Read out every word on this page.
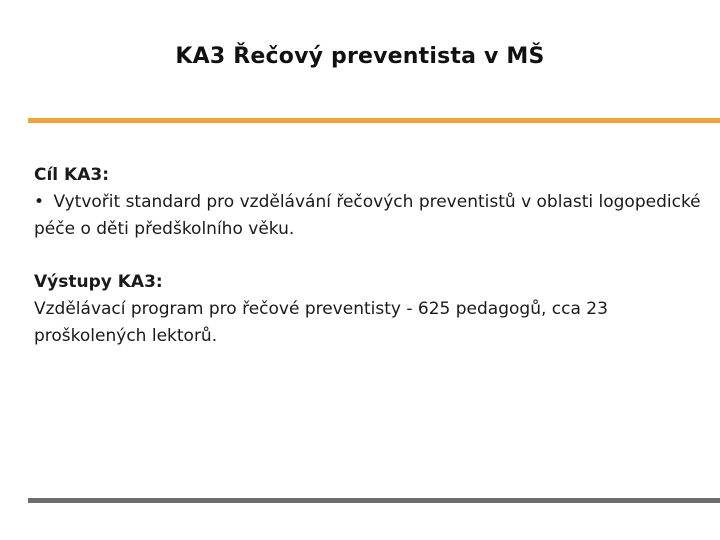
KA3 Řečový preventista v MŠ
Cíl KA3:
• Vytvořit standard pro vzdělávání řečových preventistů v oblasti logopedické péče o děti předškolního věku.
Výstupy KA3:
Vzdělávací program pro řečové preventisty - 625 pedagogů, cca 23 proškolených lektorů.
